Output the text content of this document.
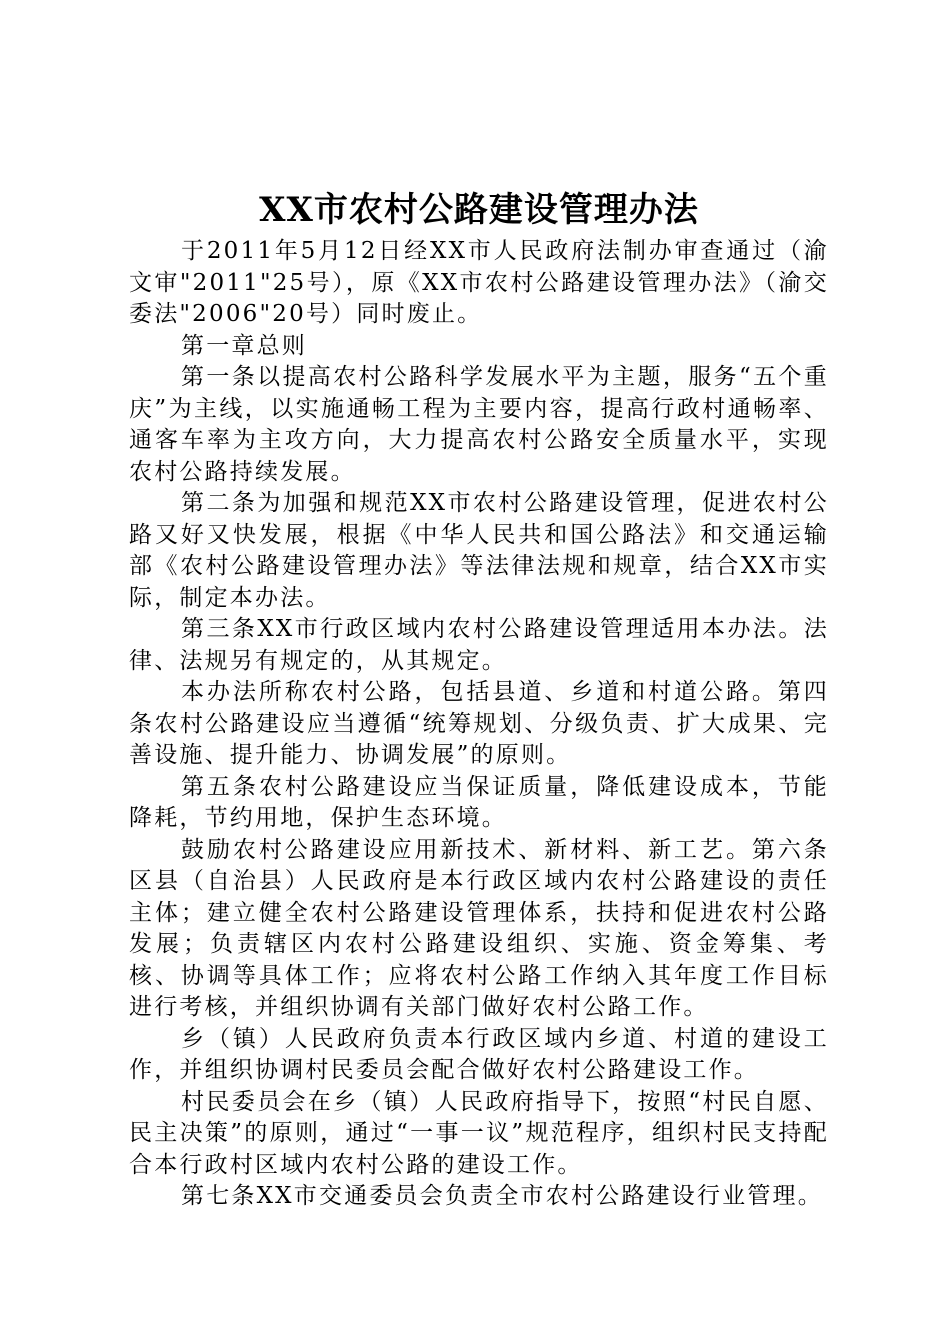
XX市农村公路建设管理办法

于2011年5月12日经XX市人民政府法制办审查通过（渝文审"2011"25号），原《XX市农村公路建设管理办法》（渝交委法"2006"20号）同时废止。

第一章总则

第一条以提高农村公路科学发展水平为主题，服务“五个重庆”为主线，以实施通畅工程为主要内容，提高行政村通畅率、通客车率为主攻方向，大力提高农村公路安全质量水平，实现农村公路持续发展。

第二条为加强和规范XX市农村公路建设管理，促进农村公路又好又快发展，根据《中华人民共和国公路法》和交通运输部《农村公路建设管理办法》等法律法规和规章，结合XX市实际，制定本办法。

第三条XX市行政区域内农村公路建设管理适用本办法。法律、法规另有规定的，从其规定。

本办法所称农村公路，包括县道、乡道和村道公路。第四条农村公路建设应当遵循“统筹规划、分级负责、扩大成果、完善设施、提升能力、协调发展”的原则。

第五条农村公路建设应当保证质量，降低建设成本，节能降耗，节约用地，保护生态环境。

鼓励农村公路建设应用新技术、新材料、新工艺。第六条区县（自治县）人民政府是本行政区域内农村公路建设的责任主体；建立健全农村公路建设管理体系，扶持和促进农村公路发展；负责辖区内农村公路建设组织、实施、资金筹集、考核、协调等具体工作；应将农村公路工作纳入其年度工作目标进行考核，并组织协调有关部门做好农村公路工作。

乡（镇）人民政府负责本行政区域内乡道、村道的建设工作，并组织协调村民委员会配合做好农村公路建设工作。

村民委员会在乡（镇）人民政府指导下，按照“村民自愿、民主决策”的原则，通过“一事一议”规范程序，组织村民支持配合本行政村区域内农村公路的建设工作。

第七条XX市交通委员会负责全市农村公路建设行业管理。
